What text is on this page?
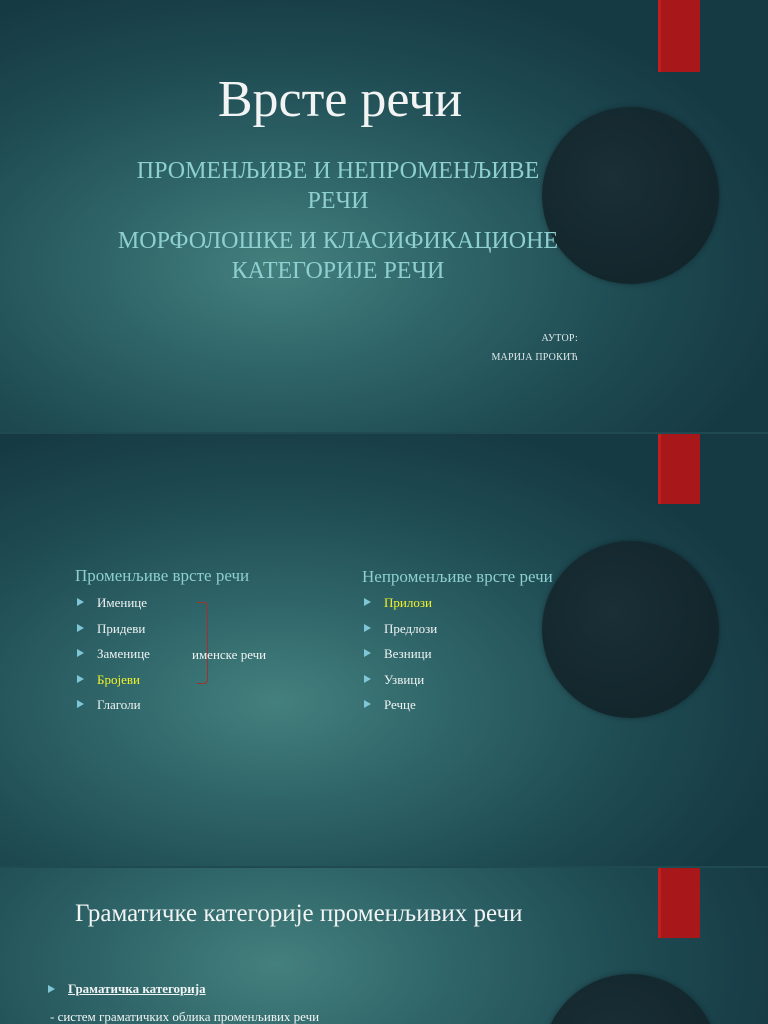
Врсте речи
ПРОМЕНЉИВЕ И НЕПРОМЕНЉИВЕ
РЕЧИ
МОРФОЛОШКЕ И КЛАСИФИКАЦИОНЕ
КАТЕГОРИЈЕ РЕЧИ
АУТОР:
МАРИЈА ПРОКИЋ
Променљиве врсте речи
Именице
Придеви
Заменице
Бројеви
Глаголи
именске речи
Непроменљиве врсте речи
Прилози
Предлози
Везници
Узвици
Речце
Граматичке категорије променљивих речи
Граматичка категорија
- систем граматичких облика променљивих речи
